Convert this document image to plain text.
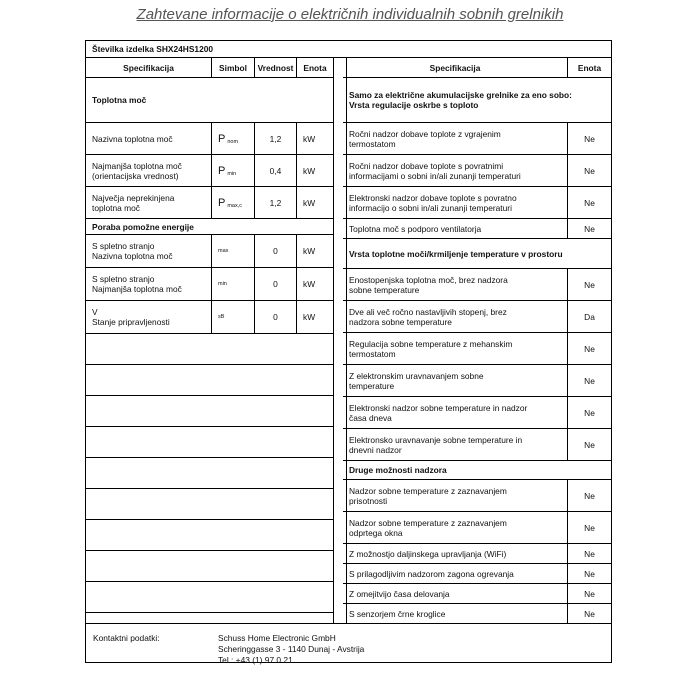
Zahtevane informacije o električnih individualnih sobnih grelnikih
Kontaktni podatki:	Schuss Home Electronic GmbH
Scheringgasse 3 - 1140 Dunaj - Avstrija
Tel.: +43 (1) 97 0 21
Številka izdelka SHX24HS1200
Specifikacija	Simbol	Vrednost	Enota	Specifikacija	Enota
Toplotna moč
Nazivna toplotna moč	P nom	1,2	kW
Najmanjša toplotna moč
(orientacijska vrednost)	P min	0,4	kW
Največja neprekinjena
toplotna moč	P max,c	1,2	kW
Poraba pomožne energije
S spletno stranjo
Nazivna toplotna moč	max	0	kW
S spletno stranjo
Najmanjša toplotna moč	min	0	kW
V
Stanje pripravljenosti	sB	0	kW
Samo za električne akumulacijske grelnike za eno sobo:
Vrsta regulacije oskrbe s toploto
Ročni nadzor dobave toplote z vgrajenim
termostatom	Ne
Ročni nadzor dobave toplote s povratnimi
informacijami o sobni in/ali zunanji temperaturi	Ne
Elektronski nadzor dobave toplote s povratno
informacijo o sobni in/ali zunanji temperaturi	Ne
Toplotna moč s podporo ventilatorja	Ne
Vrsta toplotne moči/krmiljenje temperature v prostoru
Enostopenjska toplotna moč, brez nadzora
sobne temperature	Ne
Dve ali več ročno nastavljivih stopenj, brez
nadzora sobne temperature	Da
Regulacija sobne temperature z mehanskim
termostatom	Ne
Z elektronskim uravnavanjem sobne
temperature	Ne
Elektronski nadzor sobne temperature in nadzor
časa dneva	Ne
Elektronsko uravnavanje sobne temperature in
dnevni nadzor	Ne
Druge možnosti nadzora
Nadzor sobne temperature z zaznavanjem
prisotnosti	Ne
Nadzor sobne temperature z zaznavanjem
odprtega okna	Ne
Z možnostjo daljinskega upravljanja (WiFi)	Ne
S prilagodljivim nadzorom zagona ogrevanja	Ne
Z omejitvijo časa delovanja	Ne
S senzorjem črne kroglice	Ne
